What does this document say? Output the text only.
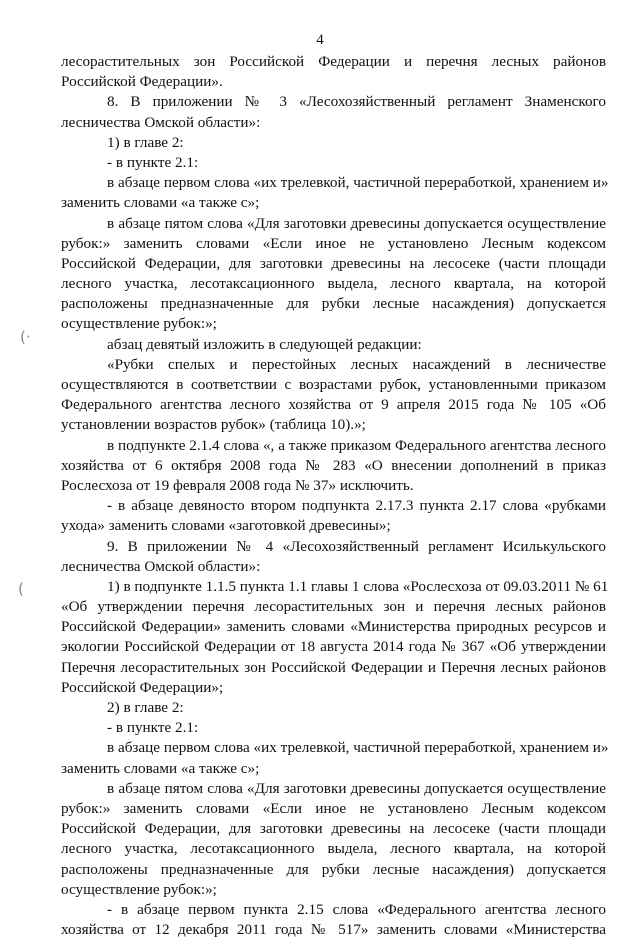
4
(·
(
лесорастительных зон Российской Федерации и перечня лесных районов
Российской Федерации».
8. В приложении № 3 «Лесохозяйственный регламент Знаменского
лесничества Омской области»:
1) в главе 2:
- в пункте 2.1:
в абзаце первом слова «их трелевкой, частичной переработкой, хранением и»
заменить словами «а также с»;
в абзаце пятом слова «Для заготовки древесины допускается осуществление
рубок:» заменить словами «Если иное не установлено Лесным кодексом
Российской Федерации, для заготовки древесины на лесосеке (части площади
лесного участка, лесотаксационного выдела, лесного квартала, на которой
расположены предназначенные для рубки лесные насаждения) допускается
осуществление рубок:»;
абзац девятый изложить в следующей редакции:
«Рубки спелых и перестойных лесных насаждений в лесничестве
осуществляются в соответствии с возрастами рубок, установленными приказом
Федерального агентства лесного хозяйства от 9 апреля 2015 года № 105 «Об
установлении возрастов рубок» (таблица 10).»;
в подпункте 2.1.4 слова «, а также приказом Федерального агентства лесного
хозяйства от 6 октября 2008 года № 283 «О внесении дополнений в приказ
Рослесхоза от 19 февраля 2008 года № 37» исключить.
- в абзаце девяносто втором подпункта 2.17.3 пункта 2.17 слова «рубками
ухода» заменить словами «заготовкой древесины»;
9. В приложении № 4 «Лесохозяйственный регламент Исилькульского
лесничества Омской области»:
1) в подпункте 1.1.5 пункта 1.1 главы 1 слова «Рослесхоза от 09.03.2011 № 61
«Об утверждении перечня лесорастительных зон и перечня лесных районов
Российской Федерации» заменить словами «Министерства природных ресурсов и
экологии Российской Федерации от 18 августа 2014 года № 367 «Об утверждении
Перечня лесорастительных зон Российской Федерации и Перечня лесных районов
Российской Федерации»;
2) в главе 2:
- в пункте 2.1:
в абзаце первом слова «их трелевкой, частичной переработкой, хранением и»
заменить словами «а также с»;
в абзаце пятом слова «Для заготовки древесины допускается осуществление
рубок:» заменить словами «Если иное не установлено Лесным кодексом
Российской Федерации, для заготовки древесины на лесосеке (части площади
лесного участка, лесотаксационного выдела, лесного квартала, на которой
расположены предназначенные для рубки лесные насаждения) допускается
осуществление рубок:»;
- в абзаце первом пункта 2.15 слова «Федерального агентства лесного
хозяйства от 12 декабря 2011 года № 517» заменить словами «Министерства
